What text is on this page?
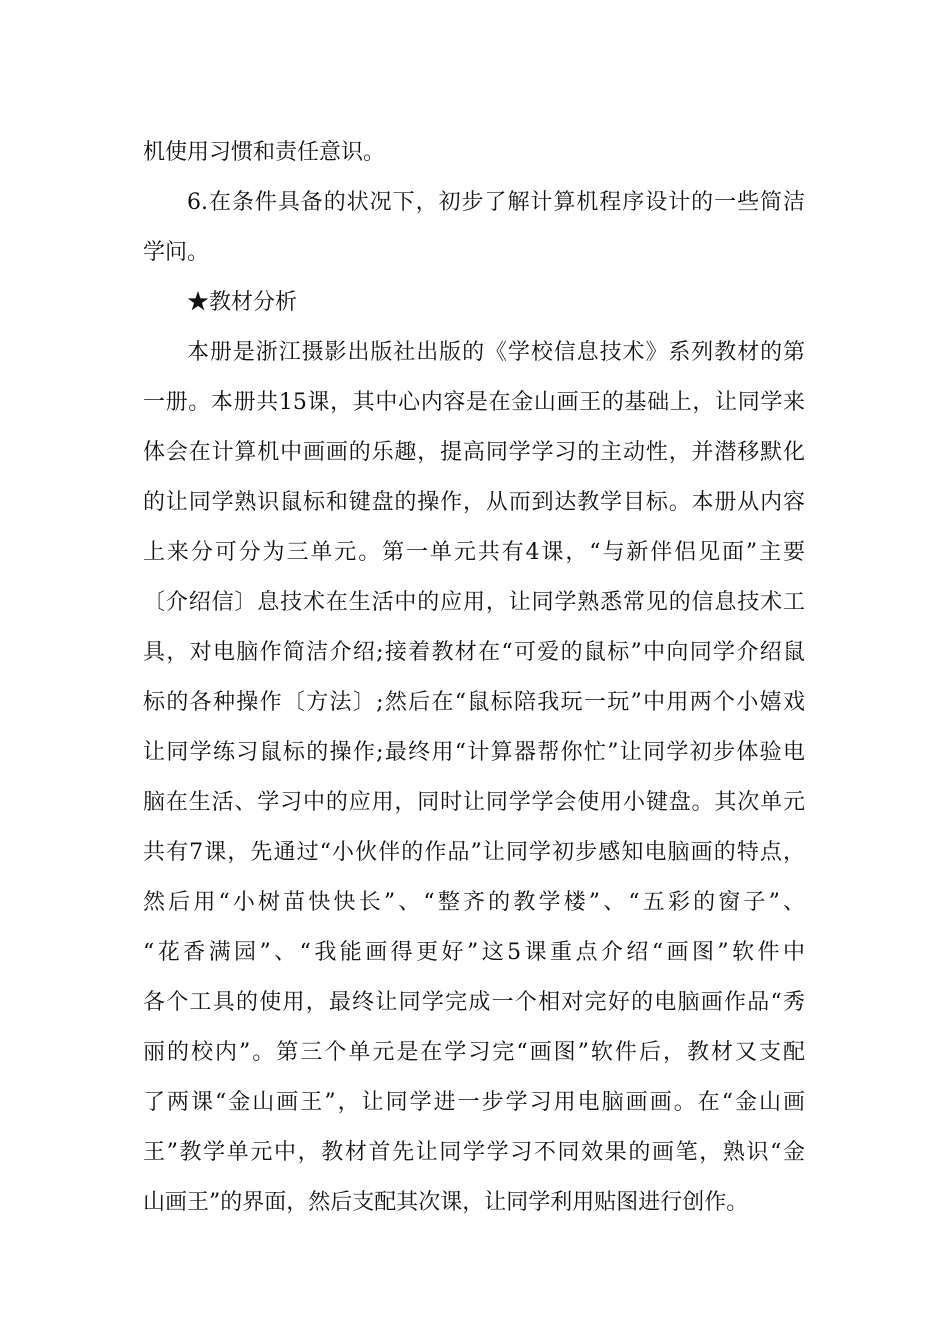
机使用习惯和责任意识。
6.在条件具备的状况下，初步了解计算机程序设计的一些简洁
学问。
★教材分析
本册是浙江摄影出版社出版的《学校信息技术》系列教材的第
一册。本册共15课，其中心内容是在金山画王的基础上，让同学来
体会在计算机中画画的乐趣，提高同学学习的主动性，并潜移默化
的让同学熟识鼠标和键盘的操作，从而到达教学目标。本册从内容
上来分可分为三单元。第一单元共有4课，“与新伴侣见面”主要
〔介绍信〕息技术在生活中的应用，让同学熟悉常见的信息技术工
具，对电脑作简洁介绍;接着教材在“可爱的鼠标”中向同学介绍鼠
标的各种操作〔方法〕;然后在“鼠标陪我玩一玩”中用两个小嬉戏
让同学练习鼠标的操作;最终用“计算器帮你忙”让同学初步体验电
脑在生活、学习中的应用，同时让同学学会使用小键盘。其次单元
共有7课，先通过“小伙伴的作品”让同学初步感知电脑画的特点，
然后用“小树苗快快长”、“整齐的教学楼”、“五彩的窗子”、
“花香满园”、“我能画得更好”这5课重点介绍“画图”软件中
各个工具的使用，最终让同学完成一个相对完好的电脑画作品“秀
丽的校内”。第三个单元是在学习完“画图”软件后，教材又支配
了两课“金山画王”，让同学进一步学习用电脑画画。在“金山画
王”教学单元中，教材首先让同学学习不同效果的画笔，熟识“金
山画王”的界面，然后支配其次课，让同学利用贴图进行创作。
